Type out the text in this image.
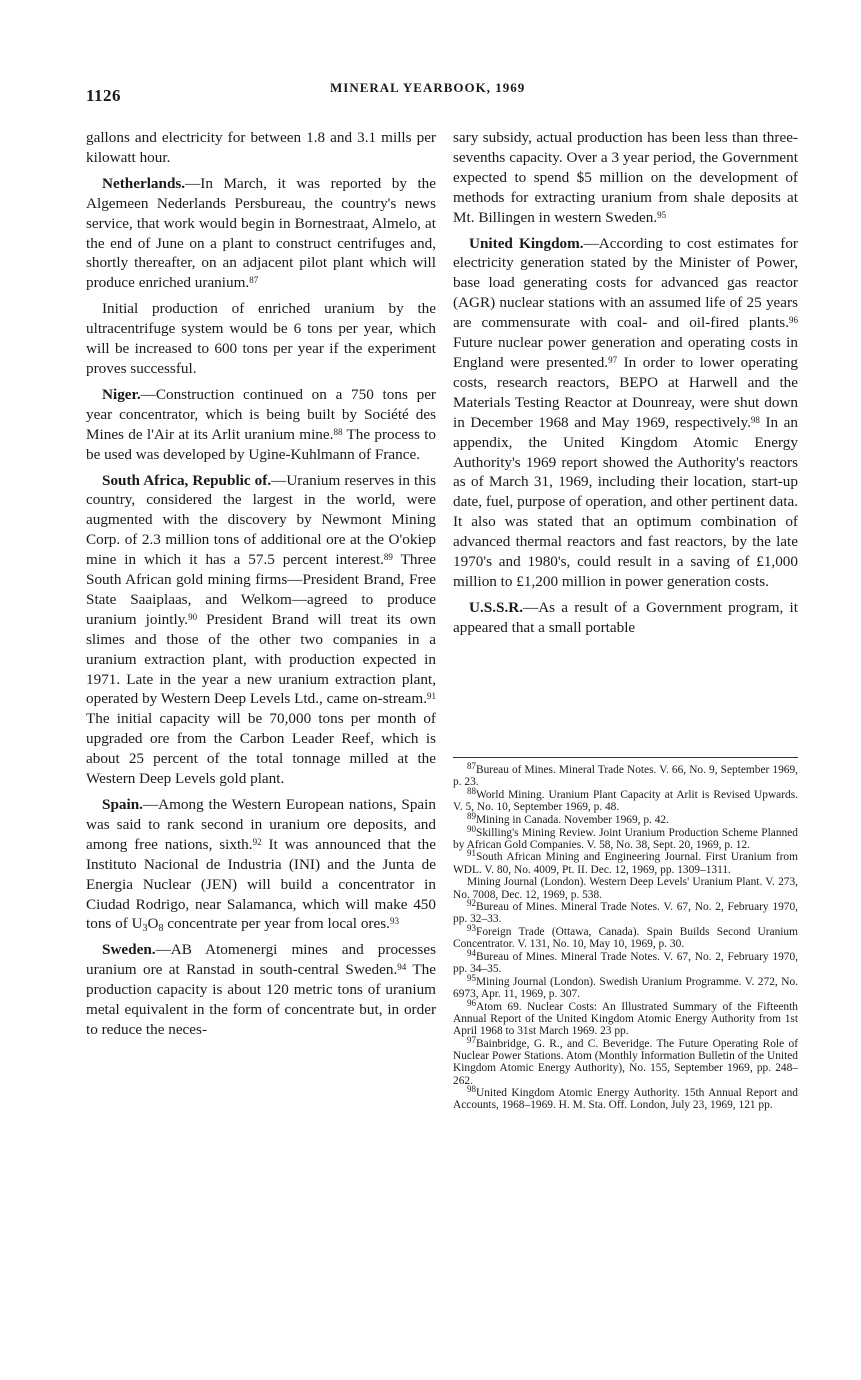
1126	MINERAL YEARBOOK, 1969

gallons and electricity for between 1.8 and 3.1 mills per kilowatt hour.

Netherlands.—In March, it was reported by the Algemeen Nederlands Persbureau, the country's news service, that work would begin in Bornestraat, Almelo, at the end of June on a plant to construct centrifuges and, shortly thereafter, on an adjacent pilot plant which will produce enriched uranium.$^{87}$

Initial production of enriched uranium by the ultracentrifuge system would be 6 tons per year, which will be increased to 600 tons per year if the experiment proves successful.

Niger.—Construction continued on a 750 tons per year concentrator, which is being built by Société des Mines de l'Air at its Arlit uranium mine.$^{88}$ The process to be used was developed by Ugine-Kuhlmann of France.

South Africa, Republic of.—Uranium reserves in this country, considered the largest in the world, were augmented with the discovery by Newmont Mining Corp. of 2.3 million tons of additional ore at the O'okiep mine in which it has a 57.5 percent interest.$^{89}$ Three South African gold mining firms—President Brand, Free State Saaiplaas, and Welkom—agreed to produce uranium jointly.$^{90}$ President Brand will treat its own slimes and those of the other two companies in a uranium extraction plant, with production expected in 1971. Late in the year a new uranium extraction plant, operated by Western Deep Levels Ltd., came on-stream.$^{91}$ The initial capacity will be 70,000 tons per month of upgraded ore from the Carbon Leader Reef, which is about 25 percent of the total tonnage milled at the Western Deep Levels gold plant.

Spain.—Among the Western European nations, Spain was said to rank second in uranium ore deposits, and among free nations, sixth.$^{92}$ It was announced that the Instituto Nacional de Industria (INI) and the Junta de Energia Nuclear (JEN) will build a concentrator in Ciudad Rodrigo, near Salamanca, which will make 450 tons of $U_3O_8$ concentrate per year from local ores.$^{93}$

Sweden.—AB Atomenergi mines and processes uranium ore at Ranstad in south-central Sweden.$^{94}$ The production capacity is about 120 metric tons of uranium metal equivalent in the form of concentrate but, in order to reduce the neces-

sary subsidy, actual production has been less than three-sevenths capacity. Over a 3 year period, the Government expected to spend $5 million on the development of methods for extracting uranium from shale deposits at Mt. Billingen in western Sweden.$^{95}$

United Kingdom.—According to cost estimates for electricity generation stated by the Minister of Power, base load generating costs for advanced gas reactor (AGR) nuclear stations with an assumed life of 25 years are commensurate with coal- and oil-fired plants.$^{96}$ Future nuclear power generation and operating costs in England were presented.$^{97}$ In order to lower operating costs, research reactors, BEPO at Harwell and the Materials Testing Reactor at Dounreay, were shut down in December 1968 and May 1969, respectively.$^{98}$ In an appendix, the United Kingdom Atomic Energy Authority's 1969 report showed the Authority's reactors as of March 31, 1969, including their location, start-up date, fuel, purpose of operation, and other pertinent data. It also was stated that an optimum combination of advanced thermal reactors and fast reactors, by the late 1970's and 1980's, could result in a saving of £1,000 million to £1,200 million in power generation costs.

U.S.S.R.—As a result of a Government program, it appeared that a small portable

$^{87}$Bureau of Mines. Mineral Trade Notes. V. 66, No. 9, September 1969, p. 23.
$^{88}$World Mining. Uranium Plant Capacity at Arlit is Revised Upwards. V. 5, No. 10, September 1969, p. 48.
$^{89}$Mining in Canada. November 1969, p. 42.
$^{90}$Skilling's Mining Review. Joint Uranium Production Scheme Planned by African Gold Companies. V. 58, No. 38, Sept. 20, 1969, p. 12.
$^{91}$South African Mining and Engineering Journal. First Uranium from WDL. V. 80, No. 4009, Pt. II. Dec. 12, 1969, pp. 1309–1311.
Mining Journal (London). Western Deep Levels' Uranium Plant. V. 273, No. 7008, Dec. 12, 1969, p. 538.
$^{92}$Bureau of Mines. Mineral Trade Notes. V. 67, No. 2, February 1970, pp. 32–33.
$^{93}$Foreign Trade (Ottawa, Canada). Spain Builds Second Uranium Concentrator. V. 131, No. 10, May 10, 1969, p. 30.
$^{94}$Bureau of Mines. Mineral Trade Notes. V. 67, No. 2, February 1970, pp. 34–35.
$^{95}$Mining Journal (London). Swedish Uranium Programme. V. 272, No. 6973, Apr. 11, 1969, p. 307.
$^{96}$Atom 69. Nuclear Costs: An Illustrated Summary of the Fifteenth Annual Report of the United Kingdom Atomic Energy Authority from 1st April 1968 to 31st March 1969. 23 pp.
$^{97}$Bainbridge, G. R., and C. Beveridge. The Future Operating Role of Nuclear Power Stations. Atom (Monthly Information Bulletin of the United Kingdom Atomic Energy Authority), No. 155, September 1969, pp. 248–262.
$^{98}$United Kingdom Atomic Energy Authority. 15th Annual Report and Accounts, 1968–1969. H. M. Sta. Off. London, July 23, 1969, 121 pp.
